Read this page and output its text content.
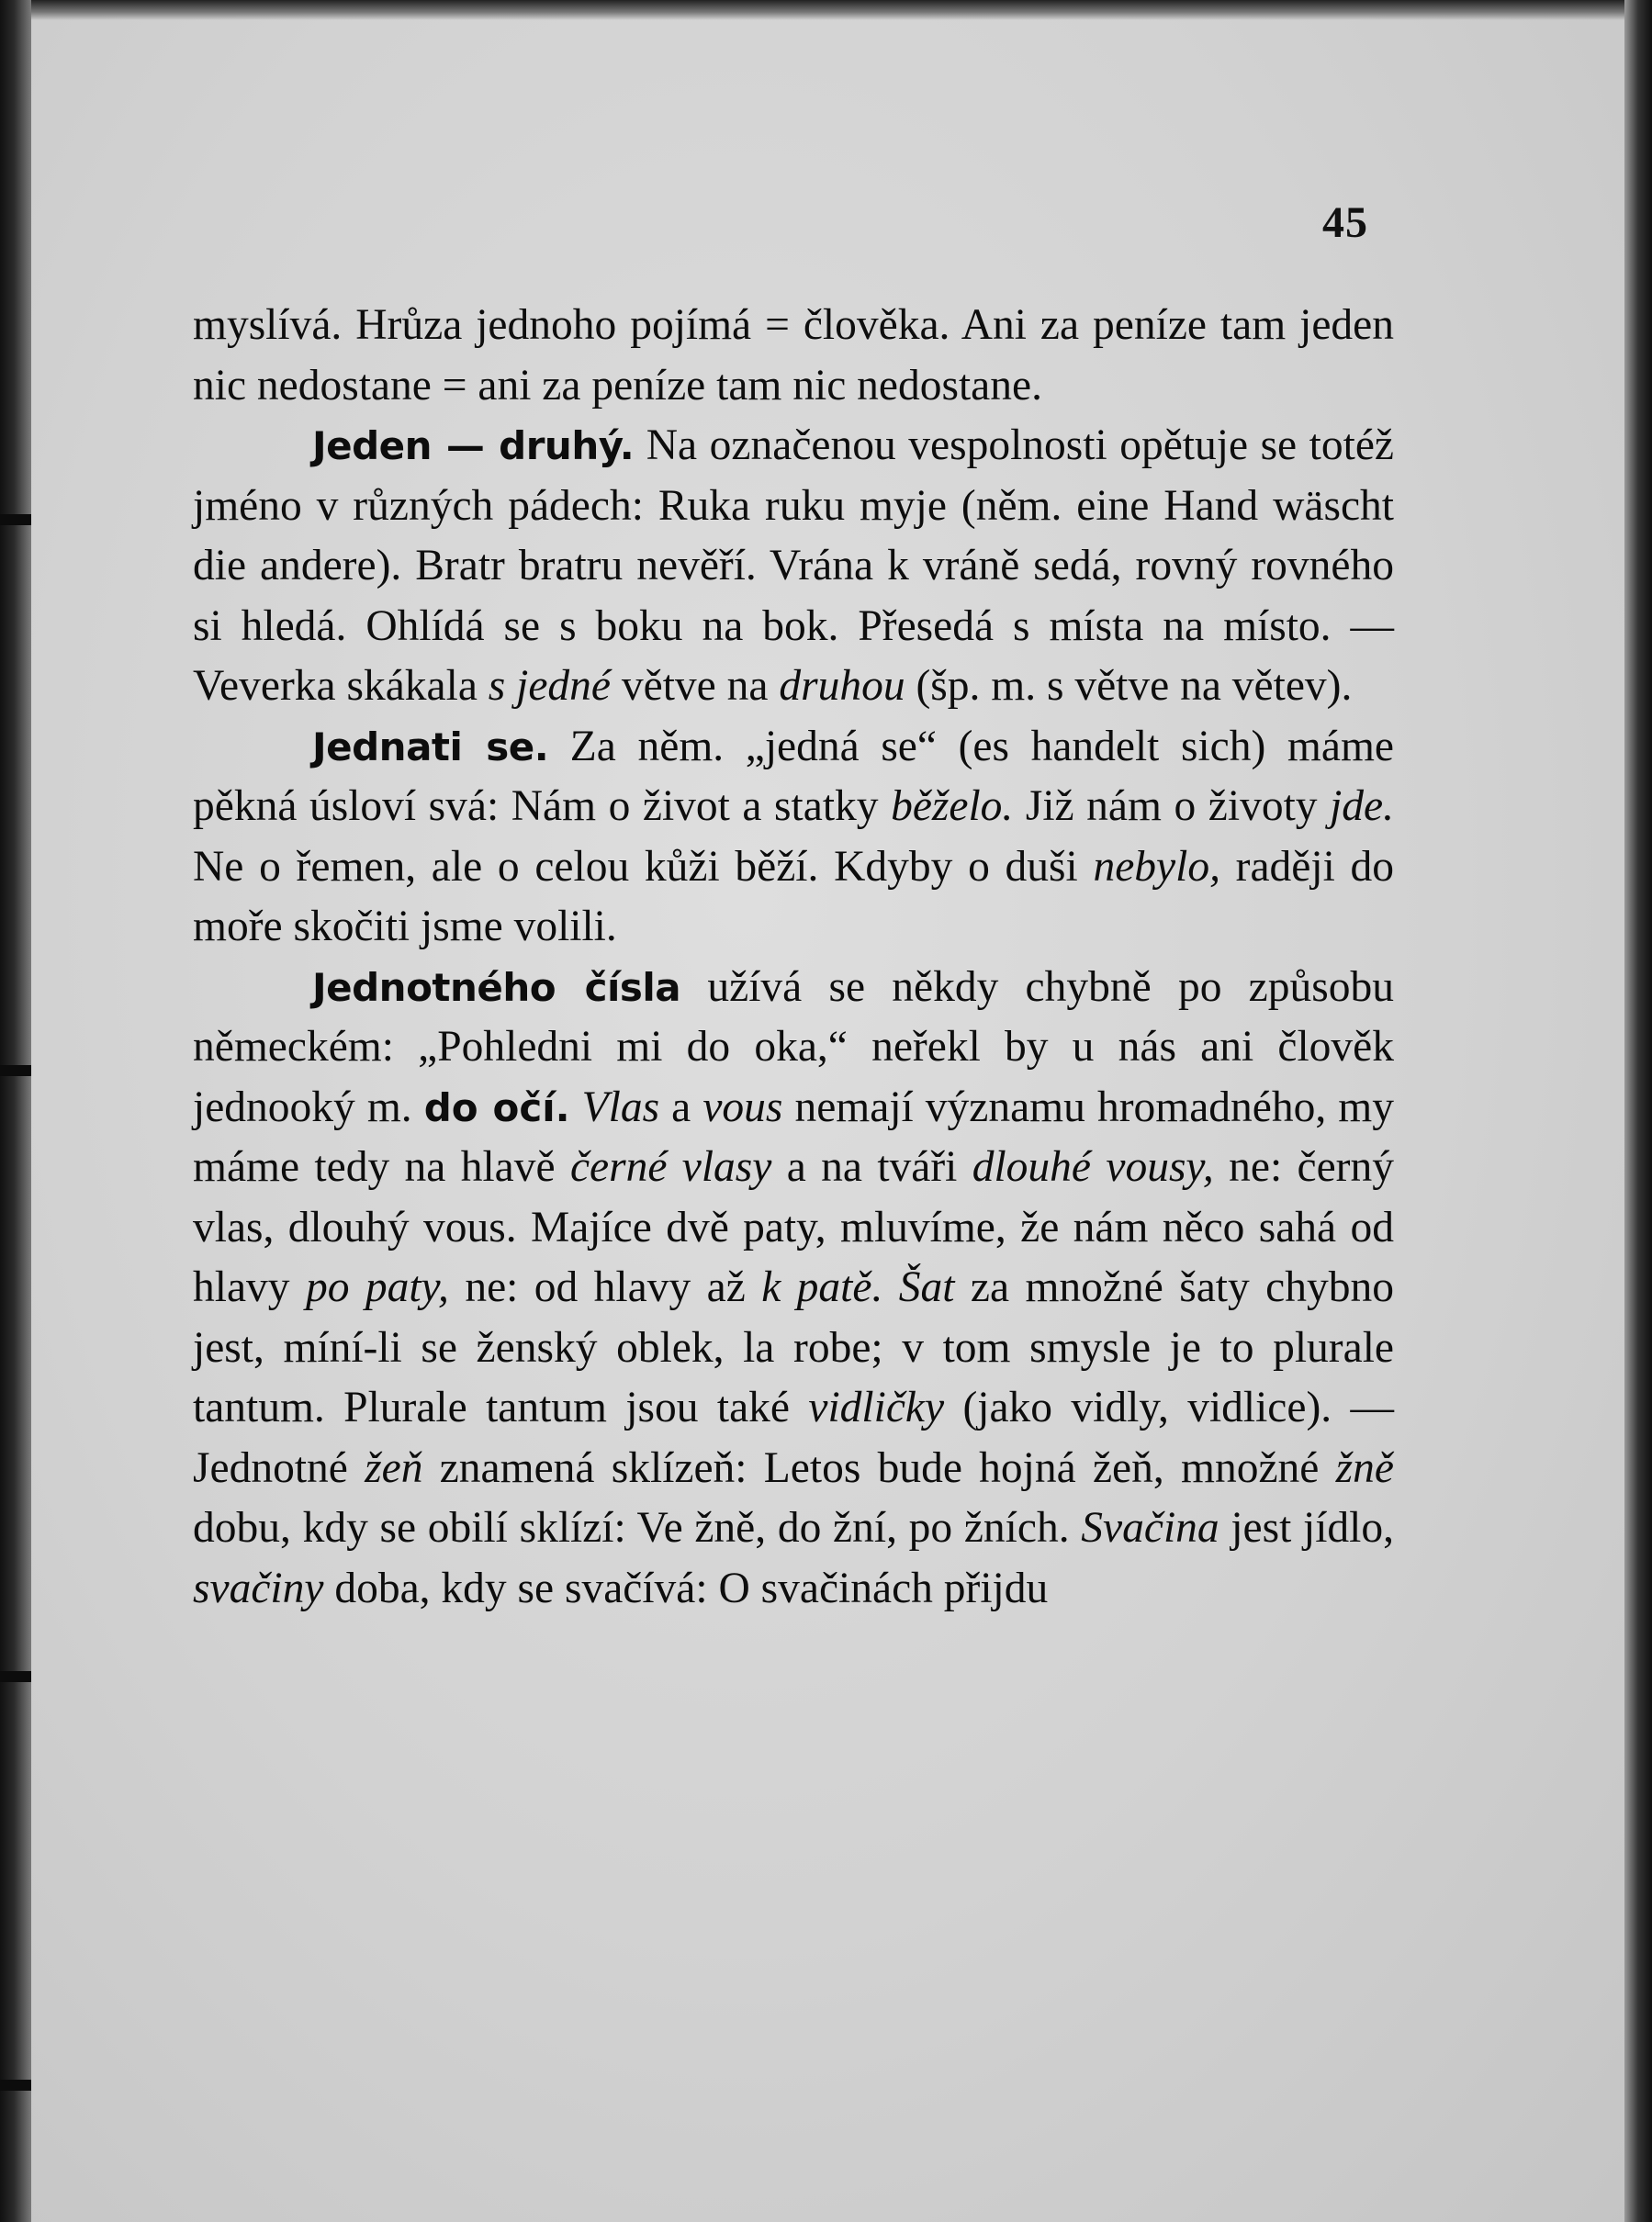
45

myslívá. Hrůza jednoho pojímá = člověka. Ani za peníze tam jeden nic nedostane = ani za peníze tam nic nedostane.

Jeden — druhý. Na označenou vespolnosti opětuje se totéž jméno v různých pádech: Ruka ruku myje (něm. eine Hand wäscht die andere). Bratr bratru nevěří. Vrána k vráně sedá, rovný rovného si hledá. Ohlídá se s boku na bok. Přesedá s místa na místo. — Veverka skákala s jedné větve na druhou (šp. m. s větve na větev).

Jednati se. Za něm. „jedná se“ (es handelt sich) máme pěkná úsloví svá: Nám o život a statky běželo. Již nám o životy jde. Ne o řemen, ale o celou kůži běží. Kdyby o duši nebylo, raději do moře skočiti jsme volili.

Jednotného čísla užívá se někdy chybně po způsobu německém: „Pohledni mi do oka,“ neřekl by u nás ani člověk jednooký m. do očí. Vlas a vous nemají významu hromadného, my máme tedy na hlavě černé vlasy a na tváři dlouhé vousy, ne: černý vlas, dlouhý vous. Majíce dvě paty, mluvíme, že nám něco sahá od hlavy po paty, ne: od hlavy až k patě. Šat za množné šaty chybno jest, míní-li se ženský oblek, la robe; v tom smysle je to plurale tantum. Plurale tantum jsou také vidličky (jako vidly, vidlice). — Jednotné žeň znamená sklízeň: Letos bude hojná žeň, množné žně dobu, kdy se obilí sklízí: Ve žně, do žní, po žních. Svačina jest jídlo, svačiny doba, kdy se svačívá: O svačinách přijdu
